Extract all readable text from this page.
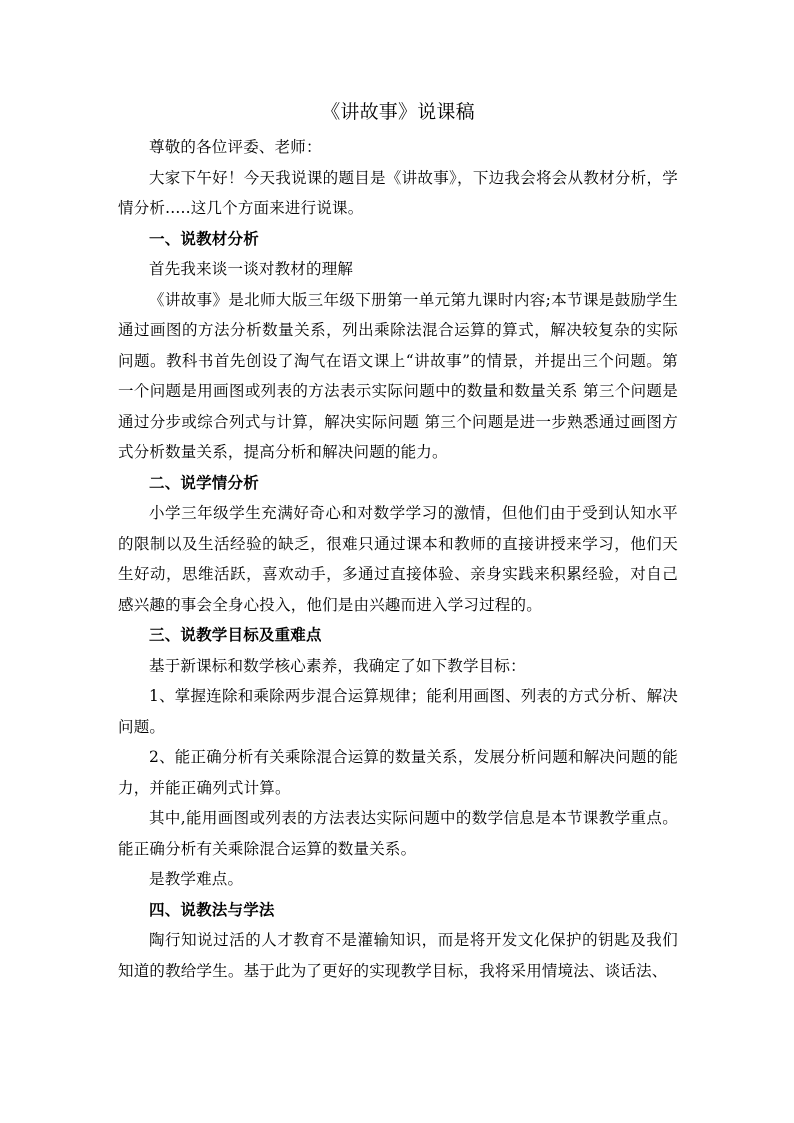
《讲故事》说课稿

尊敬的各位评委、老师：

大家下午好！今天我说课的题目是《讲故事》，下边我会将会从教材分析，学情分析.....这几个方面来进行说课。

一、说教材分析

首先我来谈一谈对教材的理解

《讲故事》是北师大版三年级下册第一单元第九课时内容;本节课是鼓励学生通过画图的方法分析数量关系，列出乘除法混合运算的算式，解决较复杂的实际问题。教科书首先创设了淘气在语文课上“讲故事”的情景，并提出三个问题。第一个问题是用画图或列表的方法表示实际问题中的数量和数量关系 第三个问题是通过分步或综合列式与计算，解决实际问题 第三个问题是进一步熟悉通过画图方式分析数量关系，提高分析和解决问题的能力。

二、说学情分析

小学三年级学生充满好奇心和对数学学习的激情，但他们由于受到认知水平的限制以及生活经验的缺乏，很难只通过课本和教师的直接讲授来学习，他们天生好动，思维活跃，喜欢动手，多通过直接体验、亲身实践来积累经验，对自己感兴趣的事会全身心投入，他们是由兴趣而进入学习过程的。

三、说教学目标及重难点

基于新课标和数学核心素养，我确定了如下教学目标：

1、掌握连除和乘除两步混合运算规律；能利用画图、列表的方式分析、解决问题。

2、能正确分析有关乘除混合运算的数量关系，发展分析问题和解决问题的能力，并能正确列式计算。

其中,能用画图或列表的方法表达实际问题中的数学信息是本节课教学重点。能正确分析有关乘除混合运算的数量关系。

是教学难点。

四、说教法与学法

陶行知说过活的人才教育不是灌输知识，而是将开发文化保护的钥匙及我们知道的教给学生。基于此为了更好的实现教学目标，我将采用情境法、谈话法、
